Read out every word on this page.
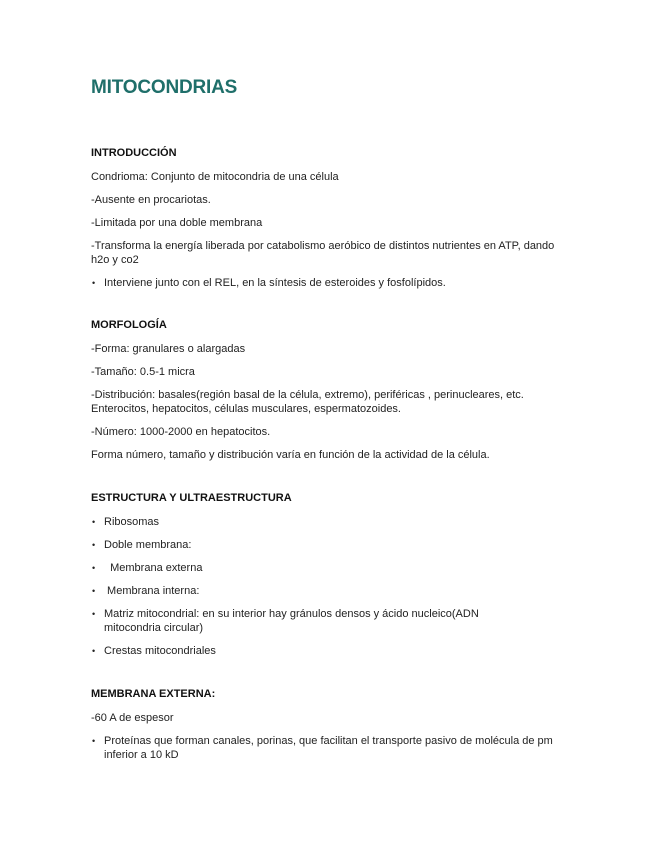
MITOCONDRIAS
INTRODUCCIÓN
Condrioma: Conjunto de mitocondria de una célula
-Ausente en procariotas.
-Limitada por una doble membrana
-Transforma la energía liberada por catabolismo aeróbico de distintos nutrientes en ATP, dando h2o y co2
• Interviene junto con el REL, en la síntesis de esteroides y fosfolípidos.
MORFOLOGÍA
-Forma: granulares o alargadas
-Tamaño: 0.5-1 micra
-Distribución: basales(región basal de la célula, extremo), periféricas , perinucleares, etc. Enterocitos, hepatocitos, células musculares, espermatozoides.
-Número: 1000-2000 en hepatocitos.
Forma número, tamaño y distribución varía en función de la actividad de la célula.
ESTRUCTURA Y ULTRAESTRUCTURA
• Ribosomas
• Doble membrana:
• Membrana externa
• Membrana interna:
• Matriz mitocondrial: en su interior hay gránulos densos y ácido nucleico(ADN mitocondria circular)
• Crestas mitocondriales
MEMBRANA EXTERNA:
-60 A de espesor
• Proteínas que forman canales, porinas, que facilitan el transporte pasivo de molécula de pm inferior a 10 kD
